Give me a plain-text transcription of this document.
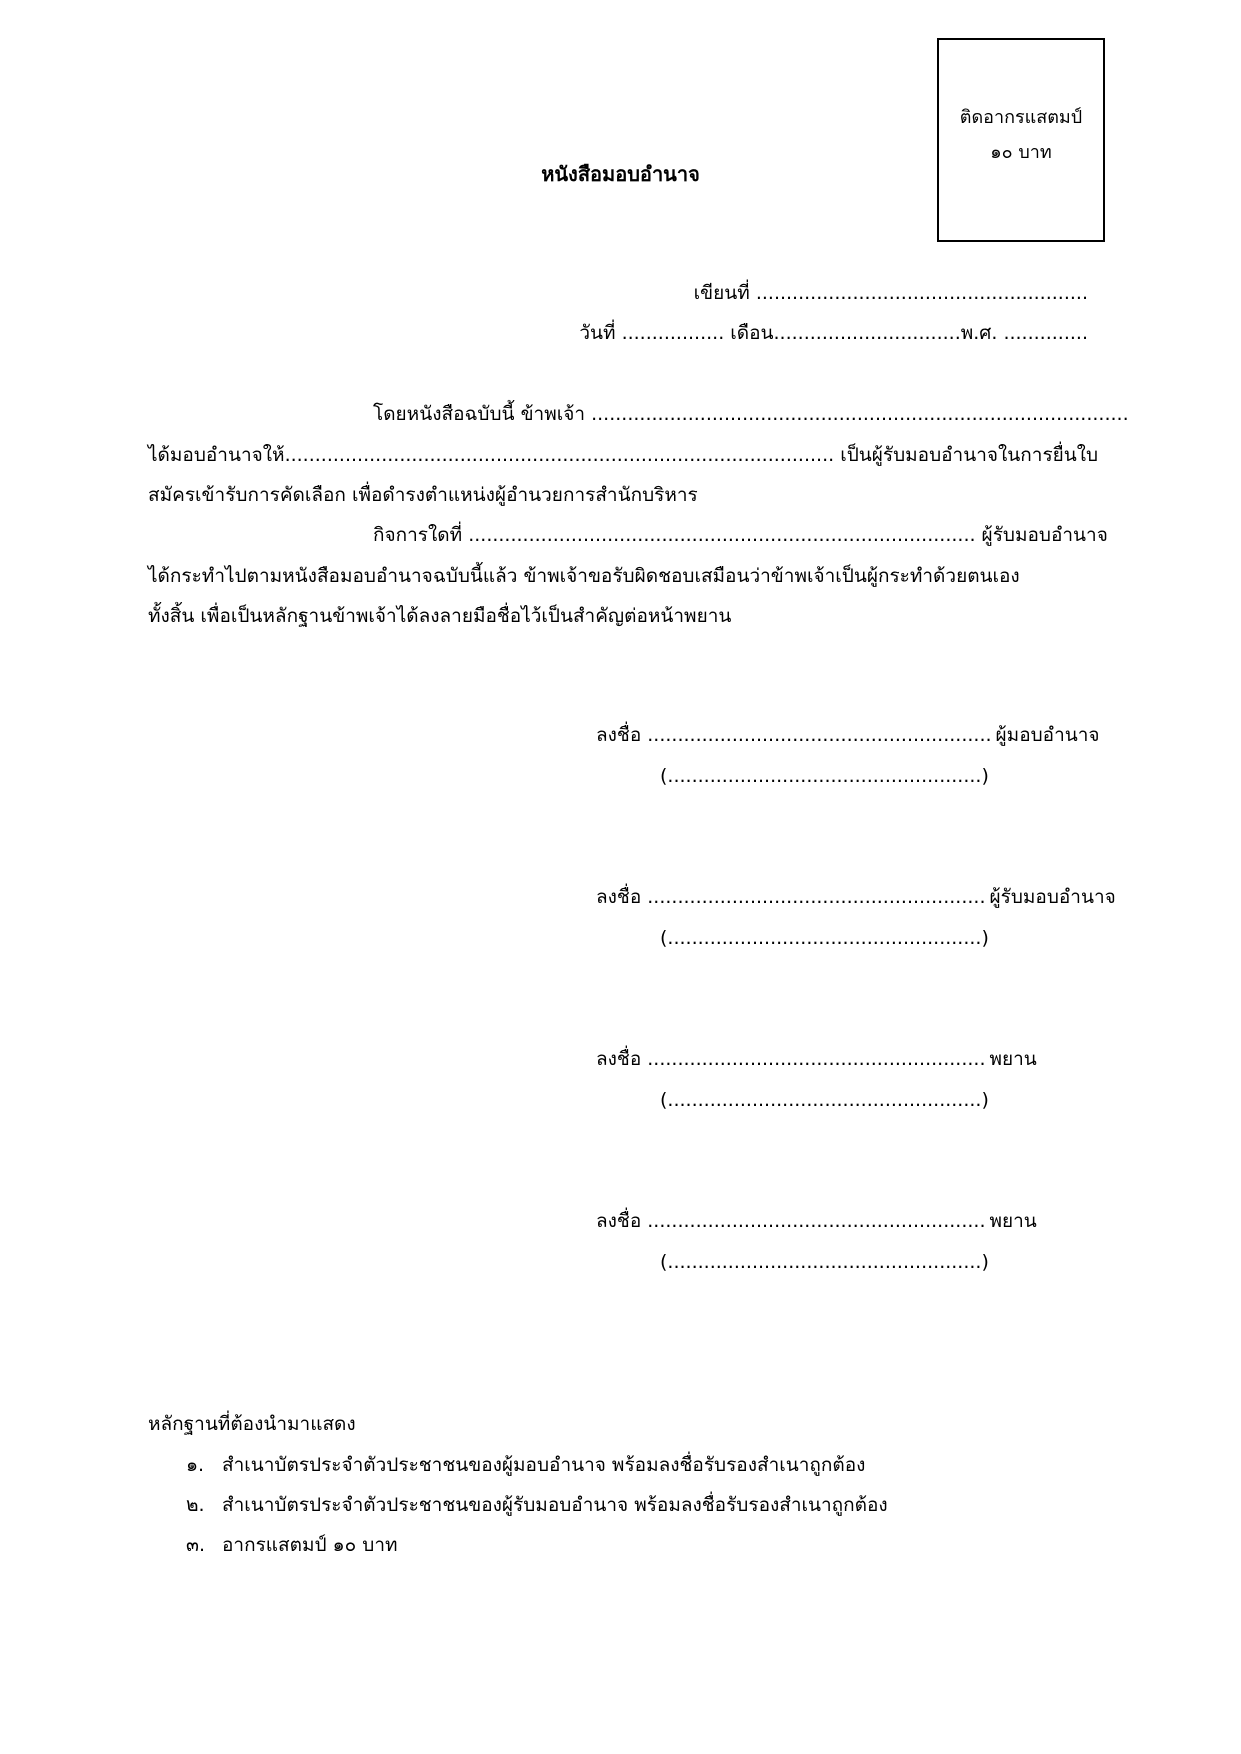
ติดอากรแสตมป์
๑๐ บาท
หนังสือมอบอำนาจ
เขียนที่ .......................................................
วันที่ ................. เดือน...............................พ.ศ. ..............
โดยหนังสือฉบับนี้ ข้าพเจ้า .........................................................................................
ได้มอบอำนาจให้........................................................................................... เป็นผู้รับมอบอำนาจในการยื่นใบ
สมัครเข้ารับการคัดเลือก เพื่อดำรงตำแหน่งผู้อำนวยการสำนักบริหาร
กิจการใดที่ .................................................................................... ผู้รับมอบอำนาจ
ได้กระทำไปตามหนังสือมอบอำนาจฉบับนี้แล้ว ข้าพเจ้าขอรับผิดชอบเสมือนว่าข้าพเจ้าเป็นผู้กระทำด้วยตนเอง
ทั้งสิ้น เพื่อเป็นหลักฐานข้าพเจ้าได้ลงลายมือชื่อไว้เป็นสำคัญต่อหน้าพยาน
ลงชื่อ ......................................................... ผู้มอบอำนาจ
(....................................................)
ลงชื่อ ........................................................ ผู้รับมอบอำนาจ
(....................................................)
ลงชื่อ ........................................................ พยาน
(....................................................)
ลงชื่อ ........................................................ พยาน
(....................................................)
หลักฐานที่ต้องนำมาแสดง
๑. สำเนาบัตรประจำตัวประชาชนของผู้มอบอำนาจ พร้อมลงชื่อรับรองสำเนาถูกต้อง
๒. สำเนาบัตรประจำตัวประชาชนของผู้รับมอบอำนาจ พร้อมลงชื่อรับรองสำเนาถูกต้อง
๓. อากรแสตมป์ ๑๐ บาท
